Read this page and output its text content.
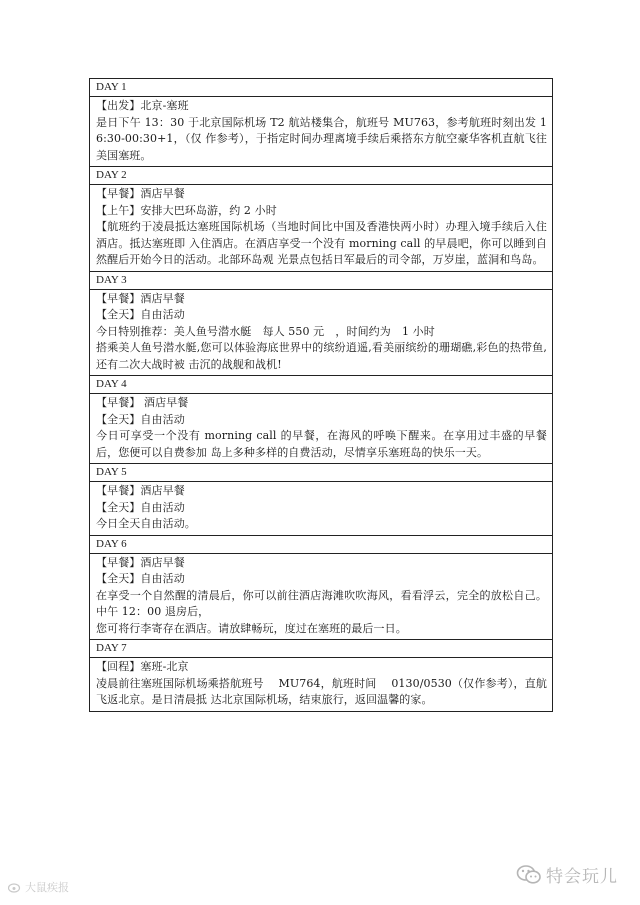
DAY 1
【出发】北京-塞班
是日下午 13：30 于北京国际机场 T2 航站楼集合，航班号 MU763，参考航班时刻出发 16:30-00:30+1，（仅 作参考），于指定时间办理离境手续后乘搭东方航空豪华客机直航飞往美国塞班。
DAY 2
【早餐】酒店早餐
【上午】安排大巴环岛游，约 2 小时
【航班约于凌晨抵达塞班国际机场（当地时间比中国及香港快两小时）办理入境手续后入住酒店。抵达塞班即 入住酒店。在酒店享受一个没有 morning call 的早晨吧，你可以睡到自然醒后开始今日的活动。北部环岛观 光景点包括日军最后的司令部，万岁崖，蓝洞和鸟岛。
DAY 3
【早餐】酒店早餐
【全天】自由活动
今日特别推荐：美人鱼号潜水艇　每人 550 元　，时间约为　1 小时
搭乘美人鱼号潜水艇,您可以体验海底世界中的缤纷逍遥,看美丽缤纷的珊瑚礁,彩色的热带鱼,还有二次大战时被 击沉的战舰和战机!
DAY 4
【早餐】 酒店早餐
【全天】自由活动
今日可享受一个没有 morning call 的早餐，在海风的呼唤下醒来。在享用过丰盛的早餐后，您便可以自费参加 岛上多种多样的自费活动，尽情享乐塞班岛的快乐一天。
DAY 5
【早餐】酒店早餐
【全天】自由活动
今日全天自由活动。
DAY 6
【早餐】酒店早餐
【全天】自由活动
在享受一个自然醒的清晨后，你可以前往酒店海滩吹吹海风，看看浮云，完全的放松自己。中午 12：00 退房后，
您可将行李寄存在酒店。请放肆畅玩，度过在塞班的最后一日。
DAY 7
【回程】塞班-北京
凌晨前往塞班国际机场乘搭航班号　 MU764，航班时间　 0130/0530（仅作参考），直航飞返北京。是日清晨抵 达北京国际机场，结束旅行，返回温馨的家。
特会玩儿
大鼠疾报
